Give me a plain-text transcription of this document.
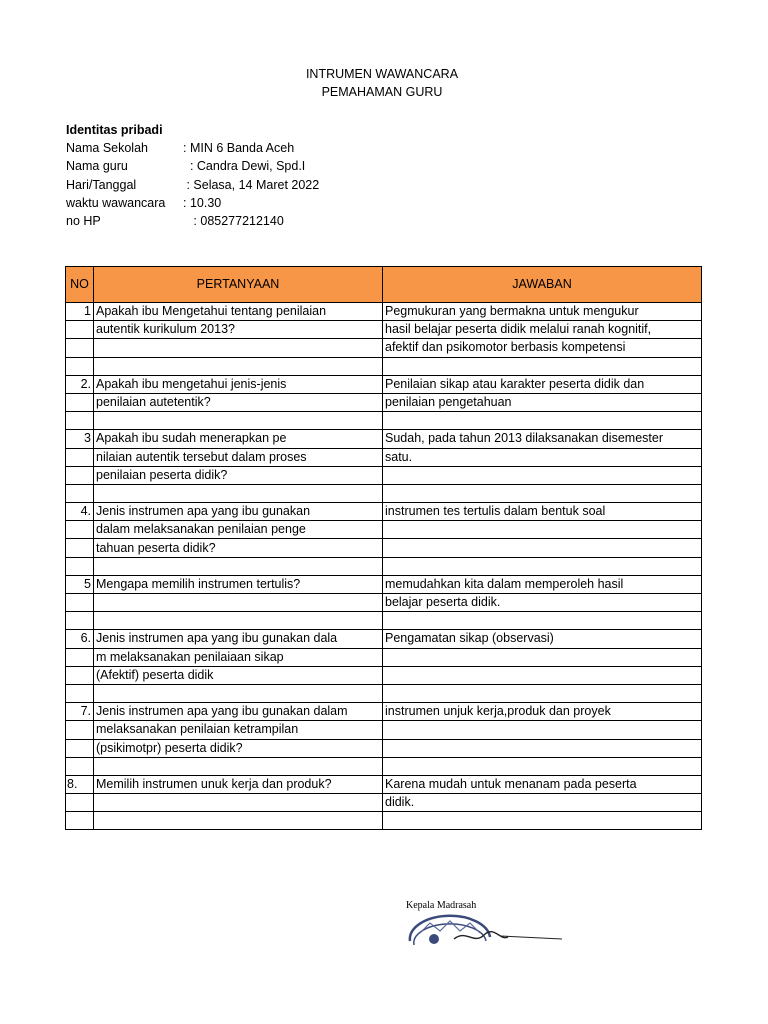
INTRUMEN WAWANCARA
PEMAHAMAN GURU
Identitas pribadi
Nama Sekolah	: MIN 6 Banda Aceh
Nama guru	: Candra Dewi, Spd.I
Hari/Tanggal	: Selasa, 14 Maret 2022
waktu wawancara : 10.30
no HP	: 085277212140
NO	PERTANYAAN	JAWABAN
1	Apakah ibu Mengetahui tentang penilaian	Pegmukuran yang bermakna untuk mengukur
	autentik kurikulum 2013?	hasil belajar peserta didik melalui ranah kognitif,
		afektif dan psikomotor berbasis kompetensi

2.	Apakah ibu mengetahui jenis-jenis	Penilaian sikap atau karakter peserta didik dan
	penilaian autetentik?	penilaian pengetahuan

3	Apakah ibu sudah menerapkan pe	Sudah, pada tahun 2013 dilaksanakan disemester
	nilaian autentik tersebut dalam proses	satu.
	penilaian peserta didik?	

4.	Jenis instrumen apa yang ibu gunakan	instrumen tes tertulis dalam bentuk soal
	dalam melaksanakan penilaian penge	
	tahuan peserta didik?	

5	Mengapa memilih instrumen tertulis?	memudahkan kita dalam memperoleh hasil
		belajar peserta didik.

6.	Jenis instrumen apa yang ibu gunakan dala	Pengamatan sikap (observasi)
	m melaksanakan penilaiaan sikap	
	(Afektif) peserta didik	

7.	Jenis instrumen apa yang ibu gunakan dalam	instrumen unjuk kerja,produk dan proyek
	melaksanakan penilaian ketrampilan	
	(psikimotpr) peserta didik?	

8.	Memilih instrumen unuk kerja dan produk?	Karena mudah untuk menanam pada peserta
		didik.

Kepala Madrasah
